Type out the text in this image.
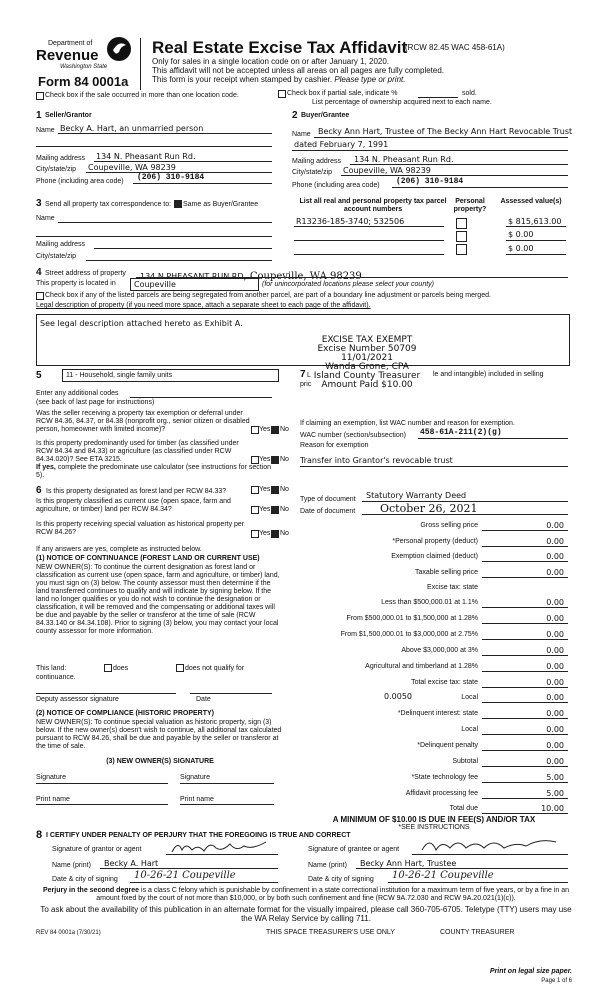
Department of
Revenue
Washington State
Form 84 0001a
Real Estate Excise Tax Affidavit
(RCW 82.45 WAC 458-61A)
Only for sales in a single location code on or after January 1, 2020.
This affidavit will not be accepted unless all areas on all pages are fully completed.
This form is your receipt when stamped by cashier. Please type or print.
Check box if the sale occurred in more than one location code.	Check box if partial sale, indicate %	sold.
List percentage of ownership acquired next to each name.
1 Seller/Grantor
Name Becky A. Hart, an unmarried person
Mailing address 134 N. Pheasant Run Rd.
City/state/zip Coupeville, WA 98239
Phone (including area code) (206) 310-9184
2 Buyer/Grantee
Name Becky Ann Hart, Trustee of The Becky Ann Hart Revocable Trust
dated February 7, 1991
Mailing address 134 N. Pheasant Run Rd.
City/state/zip Coupeville, WA 98239
Phone (including area code) (206) 310-9184
3 Send all property tax correspondence to: Same as Buyer/Grantee
Name
Mailing address
City/state/zip
List all real and personal property tax parcel account numbers
Personal property?
Assessed value(s)
R13236-185-3740; 532506	$ 815,613.00
$ 0.00
$ 0.00
4 Street address of property 134 N PHEASANT RUN RD, Coupeville, WA 98239
This property is located in	Coupeville	(for unincorporated locations please select your county)
Check box if any of the listed parcels are being segregated from another parcel, are part of a boundary line adjustment or parcels being merged.
Legal description of property (if you need more space, attach a separate sheet to each page of the affidavit).
See legal description attached hereto as Exhibit A.
EXCISE TAX EXEMPT
Excise Number 50709
11/01/2021
Wanda Grone, CPA
Island County Treasurer
Amount Paid $10.00
5	11 - Household, single family units
Enter any additional codes
(see back of last page for instructions)
Was the seller receiving a property tax exemption or deferral under RCW 84.36, 84.37, or 84.38 (nonprofit org., senior citizen or disabled person, homeowner with limited income)?	Yes No
Is this property predominantly used for timber (as classified under RCW 84.34 and 84.33) or agriculture (as classified under RCW 84.34.020)? See ETA 3215.	Yes No
If yes, complete the predominate use calculator (see instructions for section 5).
7 L	le and intangible) included in selling
pric
If claiming an exemption, list WAC number and reason for exemption.
WAC number (section/subsection) 458-61A-211(2)(g)
Reason for exemption
Transfer into Grantor's revocable trust
6 Is this property designated as forest land per RCW 84.33?	Yes No
Is this property classified as current use (open space, farm and agriculture, or timber) land per RCW 84.34?	Yes No
Is this property receiving special valuation as historical property per RCW 84.26?	Yes No
If any answers are yes, complete as instructed below.
(1) NOTICE OF CONTINUANCE (FOREST LAND OR CURRENT USE)
NEW OWNER(S): To continue the current designation as forest land or classification as current use (open space, farm and agriculture, or timber) land, you must sign on (3) below. The county assessor must then determine if the land transferred continues to qualify and will indicate by signing below. If the land no longer qualifies or you do not wish to continue the designation or classification, it will be removed and the compensating or additional taxes will be due and payable by the seller or transferor at the time of sale (RCW 84.33.140 or 84.34.108). Prior to signing (3) below, you may contact your local county assessor for more information.
This land:	does	does not qualify for
continuance.
Deputy assessor signature	Date
(2) NOTICE OF COMPLIANCE (HISTORIC PROPERTY)
NEW OWNER(S): To continue special valuation as historic property, sign (3) below. If the new owner(s) doesn't wish to continue, all additional tax calculated pursuant to RCW 84.26, shall be due and payable by the seller or transferor at the time of sale.
(3) NEW OWNER(S) SIGNATURE
Signature	Signature
Print name	Print name
Type of document Statutory Warranty Deed
Date of document October 26, 2021
Gross selling price	0.00
*Personal property (deduct)	0.00
Exemption claimed (deduct)	0.00
Taxable selling price	0.00
Excise tax: state
Less than $500,000.01 at 1.1%	0.00
From $500,000.01 to $1,500,000 at 1.28%	0.00
From $1,500,000.01 to $3,000,000 at 2.75%	0.00
Above $3,000,000 at 3%	0.00
Agricultural and timberland at 1.28%	0.00
Total excise tax: state	0.00
0.0050	Local	0.00
*Delinquent interest: state	0.00
Local	0.00
*Delinquent penalty	0.00
Subtotal	0.00
*State technology fee	5.00
Affidavit processing fee	5.00
Total due	10.00
A MINIMUM OF $10.00 IS DUE IN FEE(S) AND/OR TAX
*SEE INSTRUCTIONS
8 I CERTIFY UNDER PENALTY OF PERJURY THAT THE FOREGOING IS TRUE AND CORRECT
Signature of grantor or agent
Name (print) Becky A. Hart
Date & city of signing 10-26-21 Coupeville
Signature of grantee or agent
Name (print) Becky Ann Hart, Trustee
Date & city of signing 10-26-21 Coupeville
Perjury in the second degree is a class C felony which is punishable by confinement in a state correctional institution for a maximum term of five years, or by a fine in an amount fixed by the court of not more than $10,000, or by both such confinement and fine (RCW 9A.72.030 and RCW 9A.20.021(1)(c)).
To ask about the availability of this publication in an alternate format for the visually impaired, please call 360-705-6705. Teletype (TTY) users may use the WA Relay Service by calling 711.
REV 84 0001a (7/30/21)	THIS SPACE TREASURER'S USE ONLY	COUNTY TREASURER
Print on legal size paper.
Page 1 of 6
